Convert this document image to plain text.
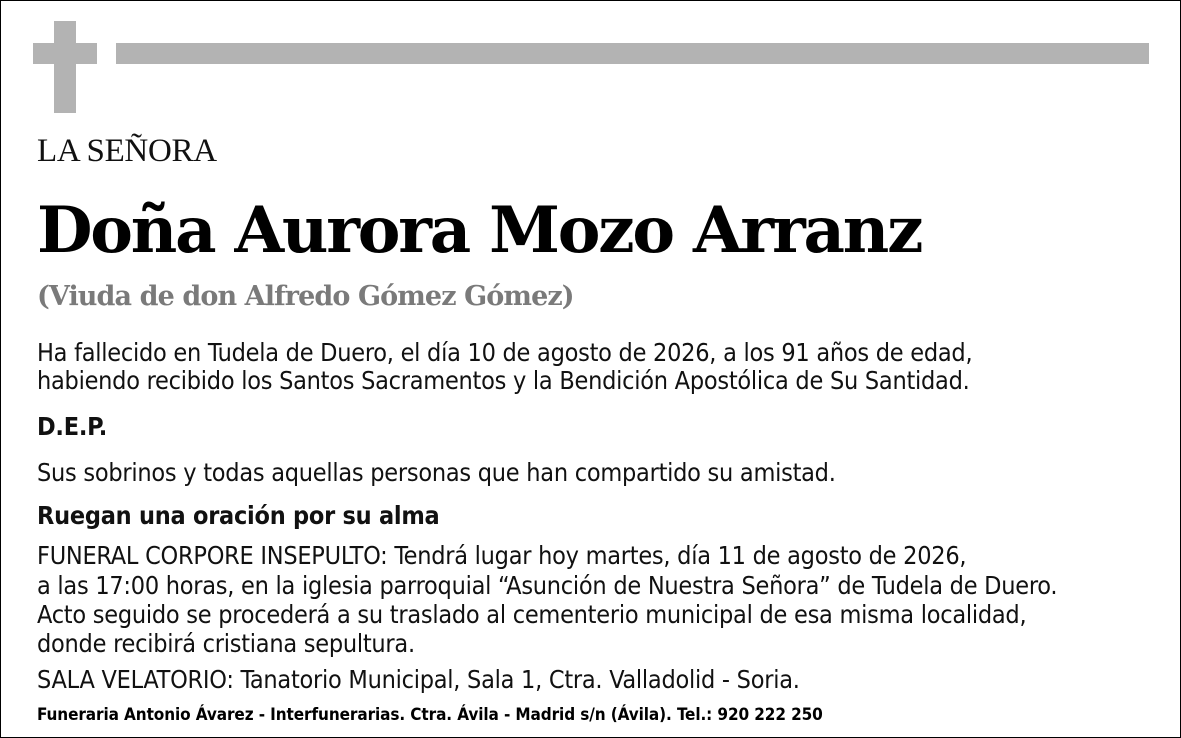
LA SEÑORA

Doña Aurora Mozo Arranz

(Viuda de don Alfredo Gómez Gómez)

Ha fallecido en Tudela de Duero, el día 10 de agosto de 2026, a los 91 años de edad,

habiendo recibido los Santos Sacramentos y la Bendición Apostólica de Su Santidad.

D.E.P.

Sus sobrinos y todas aquellas personas que han compartido su amistad.

Ruegan una oración por su alma

FUNERAL CORPORE INSEPULTO: Tendrá lugar hoy martes, día 11 de agosto de 2026,

a las 17:00 horas, en la iglesia parroquial “Asunción de Nuestra Señora” de Tudela de Duero.

Acto seguido se procederá a su traslado al cementerio municipal de esa misma localidad,

donde recibirá cristiana sepultura.

SALA VELATORIO: Tanatorio Municipal, Sala 1, Ctra. Valladolid - Soria.

Funeraria Antonio Ávarez - Interfunerarias. Ctra. Ávila - Madrid s/n (Ávila). Tel.: 920 222 250
